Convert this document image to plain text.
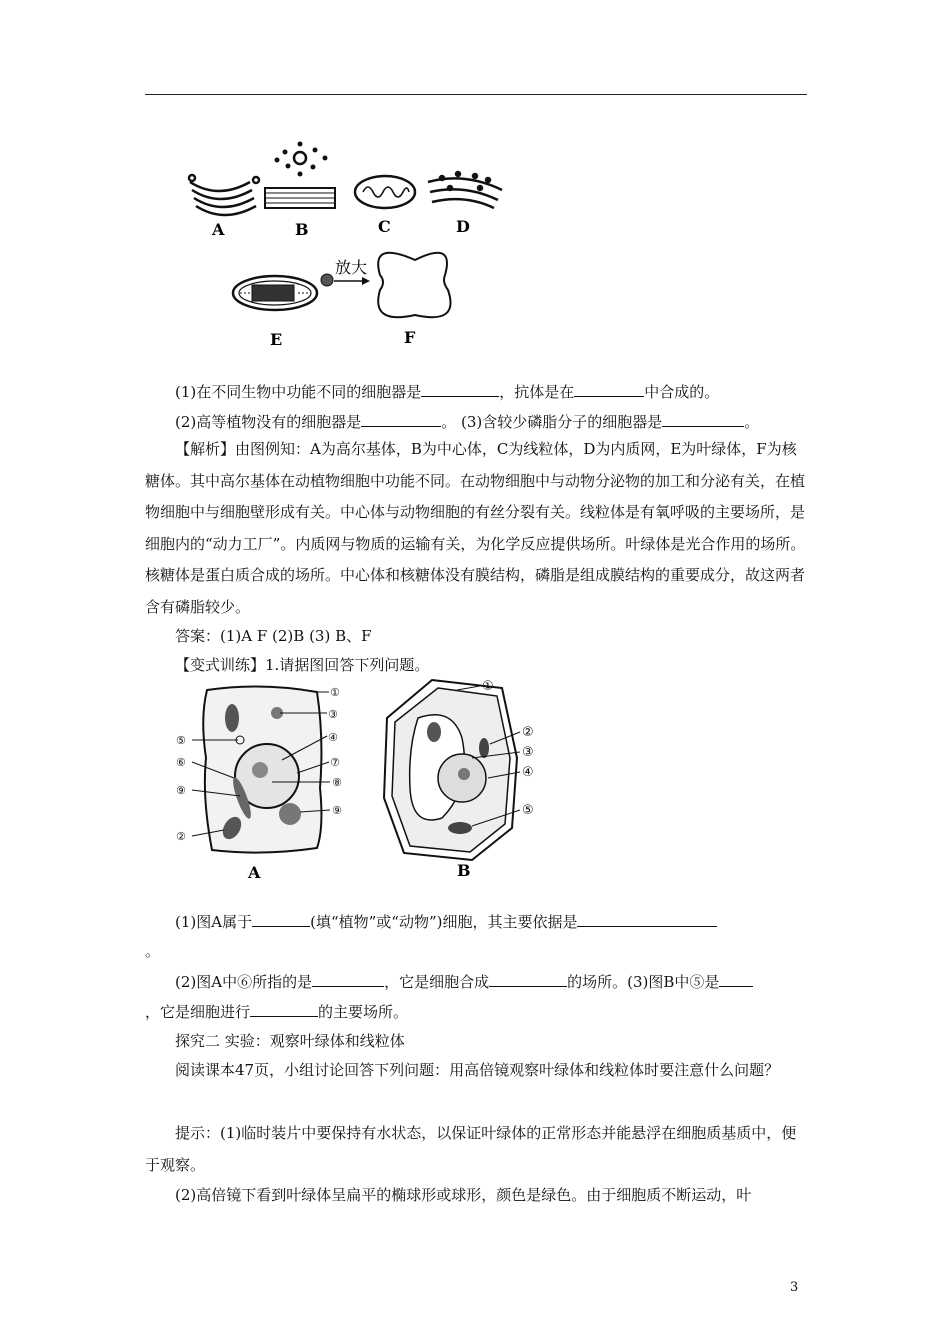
A	B	C	D
放大
E	F
(1)在不同生物中功能不同的细胞器是	，抗体是在	中合成的。
(2)高等植物没有的细胞器是	。 (3)含较少磷脂分子的细胞器是	。
【解析】由图例知：A为高尔基体，B为中心体，C为线粒体，D为内质网，E为叶绿体，F为核糖体。其中高尔基体在动植物细胞中功能不同。在动物细胞中与动物分泌物的加工和分泌有关，在植物细胞中与细胞壁形成有关。中心体与动物细胞的有丝分裂有关。线粒体是有氧呼吸的主要场所，是细胞内的“动力工厂”。内质网与物质的运输有关，为化学反应提供场所。叶绿体是光合作用的场所。核糖体是蛋白质合成的场所。中心体和核糖体没有膜结构，磷脂是组成膜结构的重要成分，故这两者含有磷脂较少。
答案：(1)A F (2)B (3) B、F
【变式训练】1.请据图回答下列问题。
①
③
⑤	④
⑥	⑦
⑧
⑨
⑨
②
A
①
②
③
④
⑤
B
(1)图A属于	(填“植物”或“动物”)细胞，其主要依据是
。
(2)图A中⑥所指的是	，它是细胞合成	的场所。(3)图B中⑤是
，它是细胞进行	的主要场所。
探究二 实验：观察叶绿体和线粒体
阅读课本47页，小组讨论回答下列问题：用高倍镜观察叶绿体和线粒体时要注意什么问题？
提示：(1)临时装片中要保持有水状态，以保证叶绿体的正常形态并能悬浮在细胞质基质中，便于观察。
(2)高倍镜下看到叶绿体呈扁平的椭球形或球形，颜色是绿色。由于细胞质不断运动，叶
3
